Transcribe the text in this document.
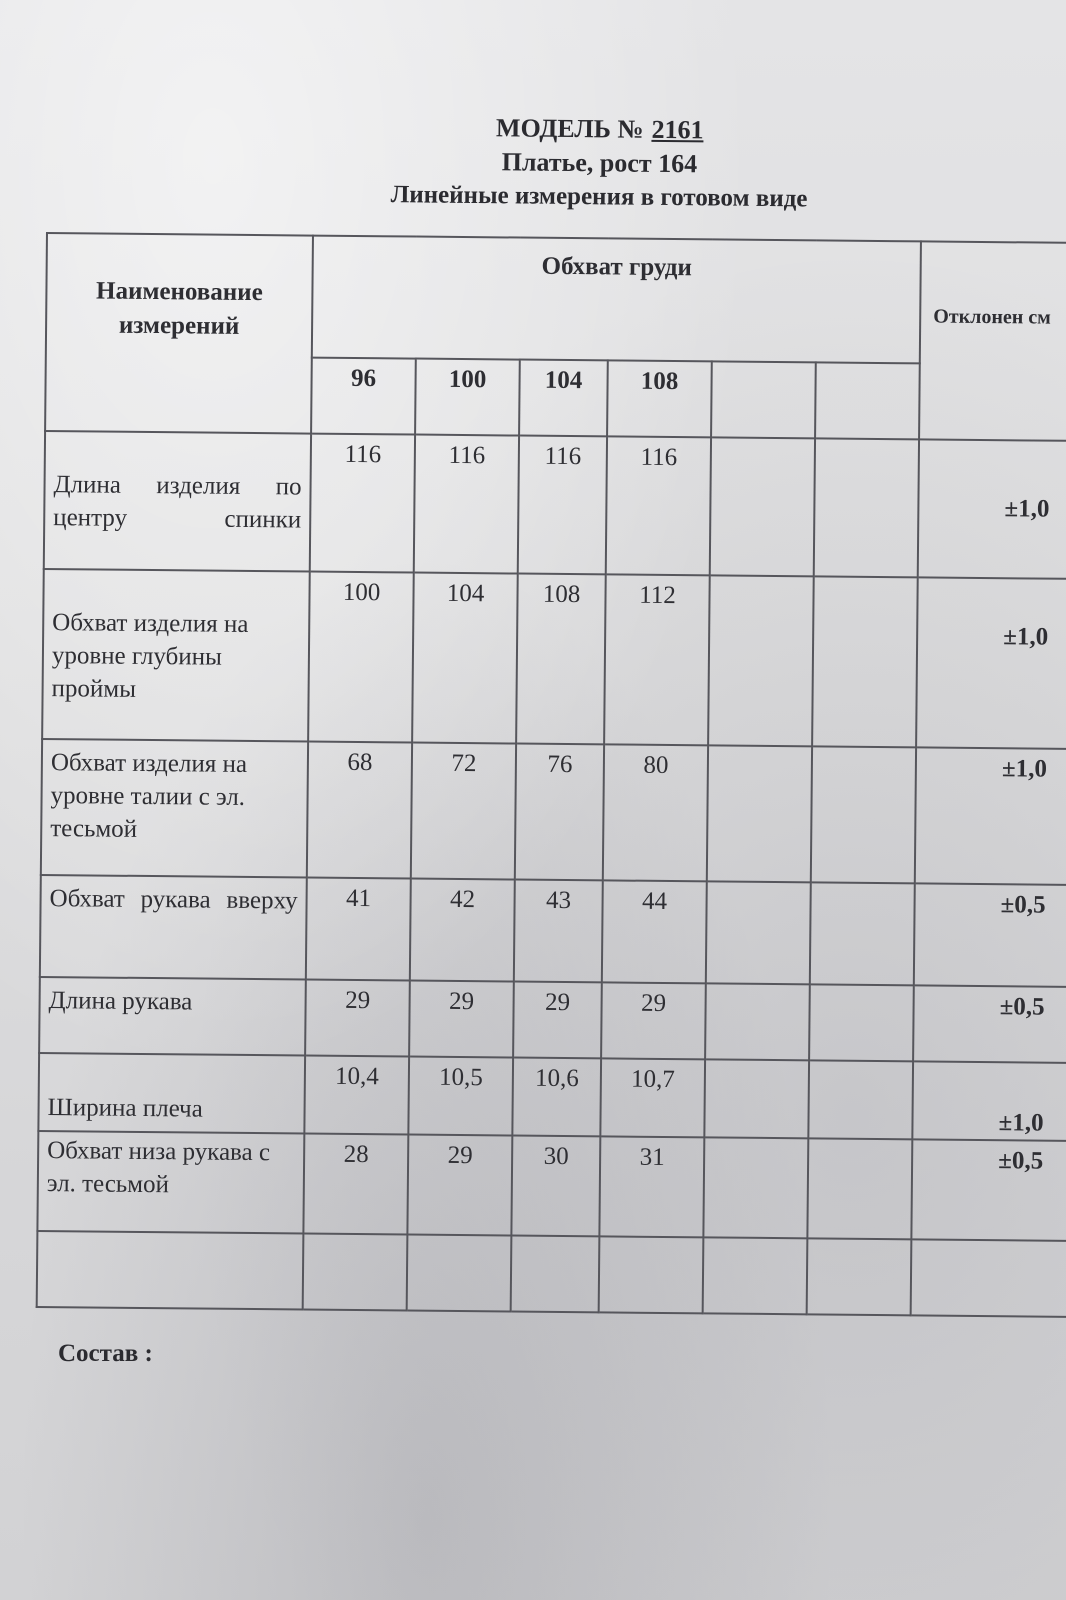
МОДЕЛЬ № 2161
Платье, рост 164
Линейные измерения в готовом виде
Наименование измерений	Обхват груди						Отклонен см
	96	100	104	108			
Длина изделия по центру спинки	116	116	116	116			±1,0
Обхват изделия на уровне глубины проймы	100	104	108	112			±1,0
Обхват изделия на уровне талии с эл. тесьмой	68	72	76	80			±1,0
Обхват рукава вверху	41	42	43	44			±0,5
Длина рукава	29	29	29	29			±0,5
Ширина плеча	10,4	10,5	10,6	10,7			±1,0
Обхват низа рукава с эл. тесьмой	28	29	30	31			±0,5

Состав :
